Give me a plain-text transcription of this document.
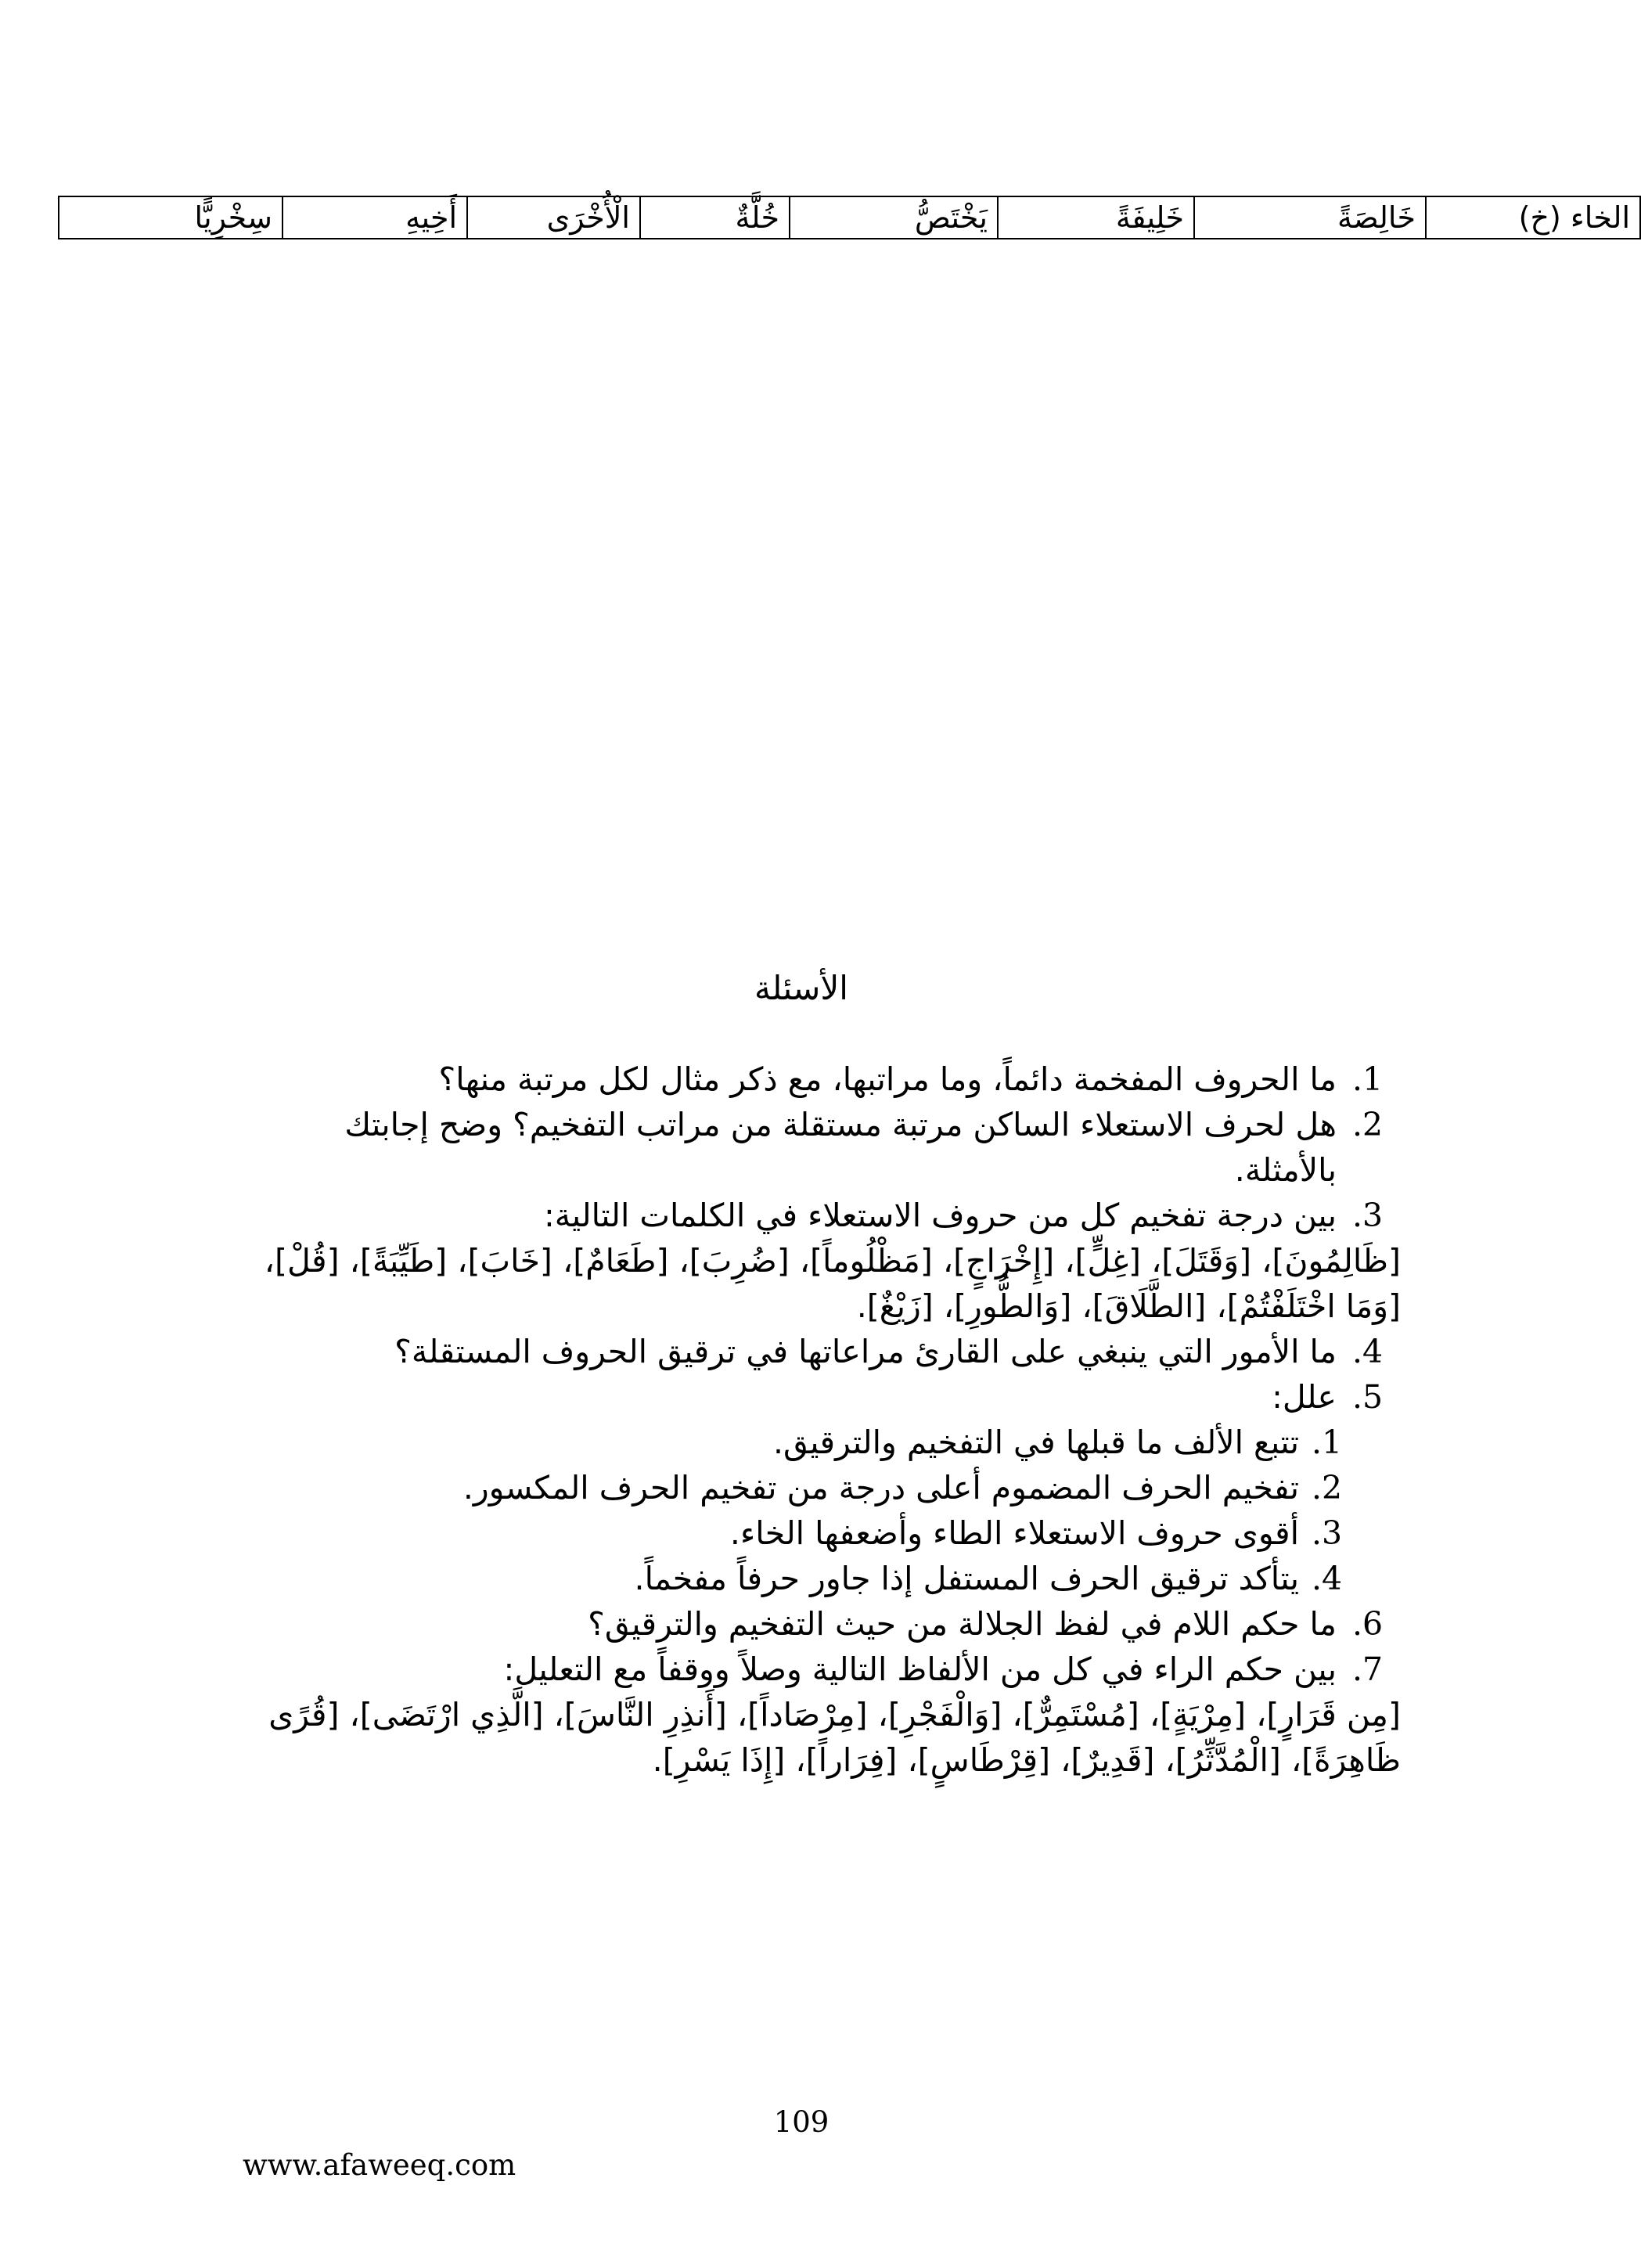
الخاء (خ)	خَالِصَةً	خَلِيفَةً	يَخْتَصُّ	خُلَّةٌ	الْأُخْرَى	أَخِيهِ	سِخْرِيًّا
الأسئلة
.1
ما الحروف المفخمة دائماً، وما مراتبها، مع ذكر مثال لكل مرتبة منها؟
.2
هل لحرف الاستعلاء الساكن مرتبة مستقلة من مراتب التفخيم؟ وضح إجابتك بالأمثلة.
.3
بين درجة تفخيم كل من حروف الاستعلاء في الكلمات التالية:
[ظَالِمُونَ]، [وَقَتَلَ]، [غِلٍّ]، [إِخْرَاجٍ]، [مَظْلُوماً]، [ضُرِبَ]، [طَعَامٌ]، [خَابَ]، [طَيِّبَةً]، [قُلْ]، [وَمَا اخْتَلَفْتُمْ]، [الطَّلَاقَ]، [وَالطُّورِ]، [زَيْغٌ].
.4
ما الأمور التي ينبغي على القارئ مراعاتها في ترقيق الحروف المستقلة؟
.5
علل:
.1
تتبع الألف ما قبلها في التفخيم والترقيق.
.2
تفخيم الحرف المضموم أعلى درجة من تفخيم الحرف المكسور.
.3
أقوى حروف الاستعلاء الطاء وأضعفها الخاء.
.4
يتأكد ترقيق الحرف المستفل إذا جاور حرفاً مفخماً.
.6
ما حكم اللام في لفظ الجلالة من حيث التفخيم والترقيق؟
.7
بين حكم الراء في كل من الألفاظ التالية وصلاً ووقفاً مع التعليل:
[مِن قَرَارٍ]، [مِرْيَةٍ]، [مُسْتَمِرٌّ]، [وَالْفَجْرِ]، [مِرْصَاداً]، [أَنذِرِ النَّاسَ]، [الَّذِي ارْتَضَى]، [قُرًى ظَاهِرَةً]، [الْمُدَّثِّرُ]، [قَدِيرٌ]، [قِرْطَاسٍ]، [فِرَاراً]، [إِذَا يَسْرِ].
109
www.afaweeq.com
